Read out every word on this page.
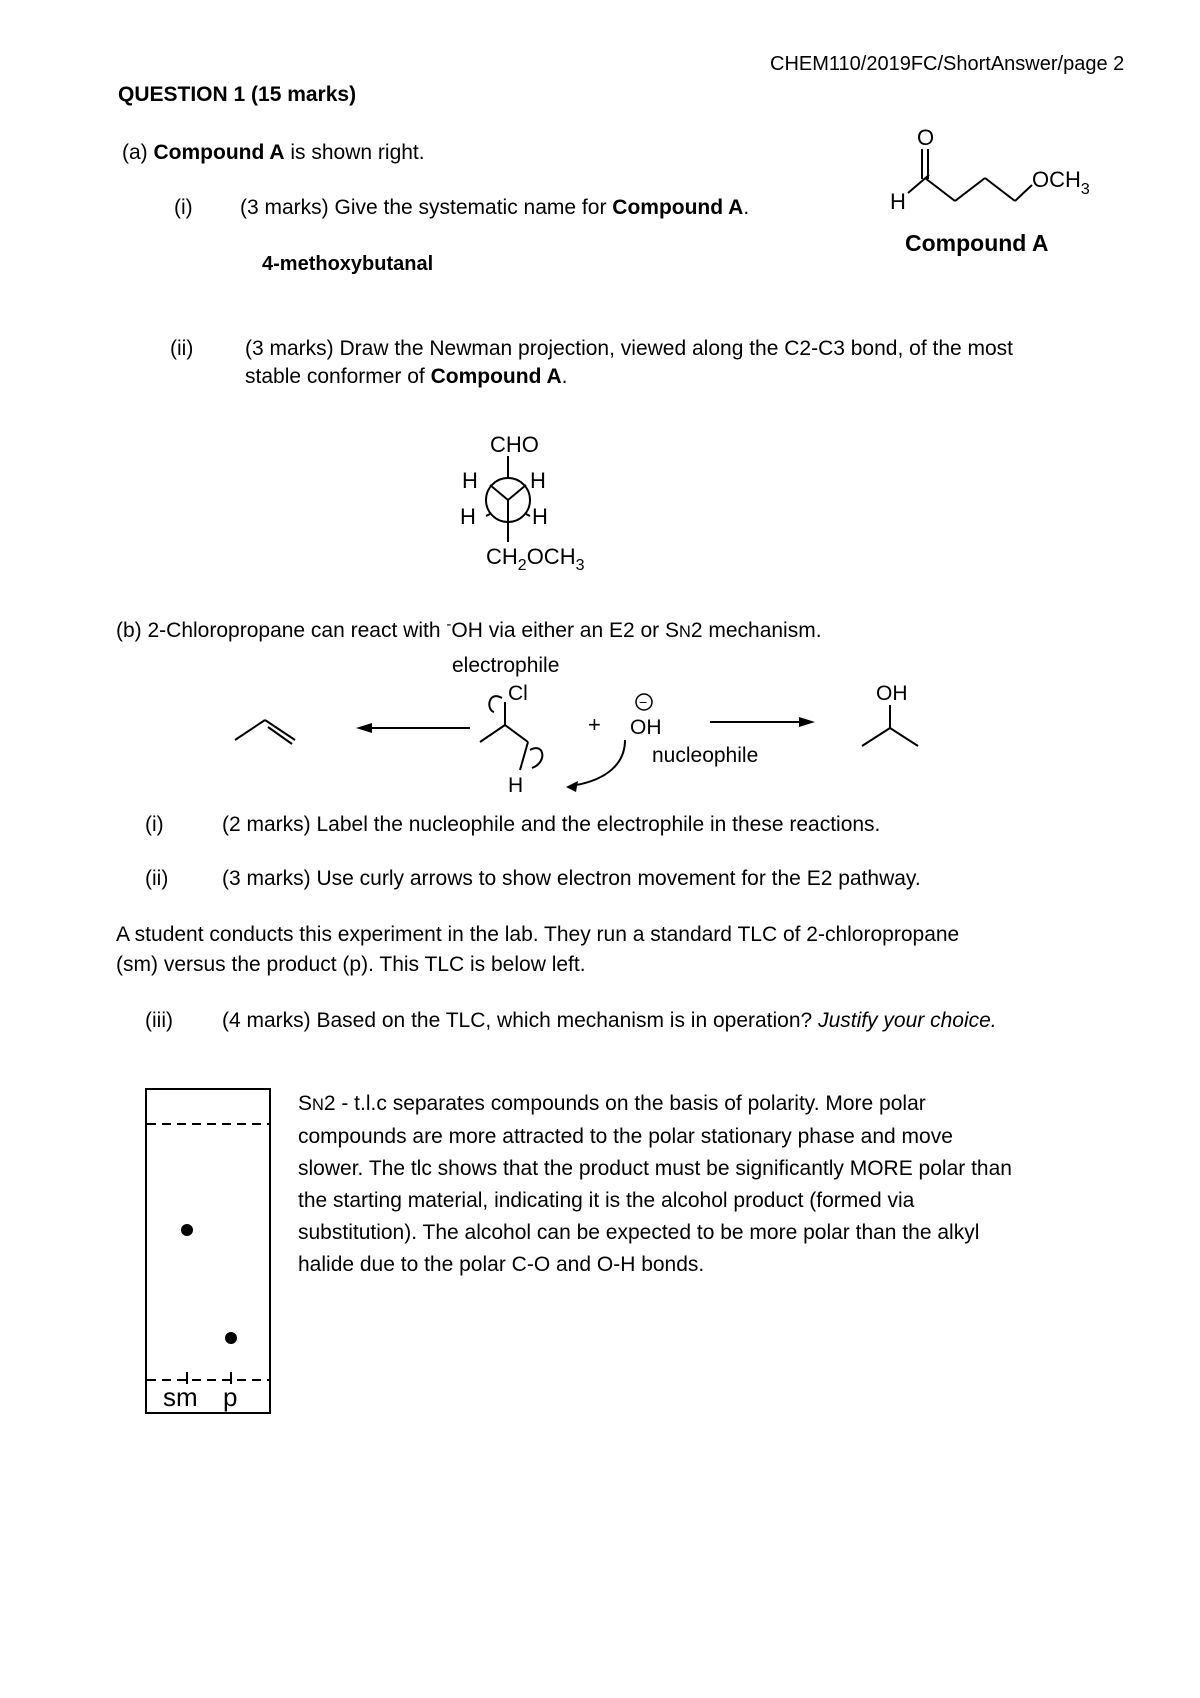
CHEM110/2019FC/ShortAnswer/page 2
QUESTION 1 (15 marks)
(a) Compound A is shown right.
(i) (3 marks) Give the systematic name for Compound A.
4-methoxybutanal
(ii) (3 marks) Draw the Newman projection, viewed along the C2-C3 bond, of the most
stable conformer of Compound A.
O
H
$OCH_3$
Compound A
CHO
H H
H	H
$CH_2OCH_3$
(b) 2-Chloropropane can react with -OH via either an E2 or SN2 mechanism.
electrophile
Cl
H
+
−
OH
nucleophile
OH
(i)	(2 marks) Label the nucleophile and the electrophile in these reactions.
(ii)	(3 marks) Use curly arrows to show electron movement for the E2 pathway.
A student conducts this experiment in the lab. They run a standard TLC of 2-chloropropane
(sm) versus the product (p). This TLC is below left.
(iii) (4 marks) Based on the TLC, which mechanism is in operation? Justify your choice.
sm p
SN2 - t.l.c separates compounds on the basis of polarity. More polar
compounds are more attracted to the polar stationary phase and move
slower. The tlc shows that the product must be significantly MORE polar than
the starting material, indicating it is the alcohol product (formed via
substitution). The alcohol can be expected to be more polar than the alkyl
halide due to the polar C-O and O-H bonds.
